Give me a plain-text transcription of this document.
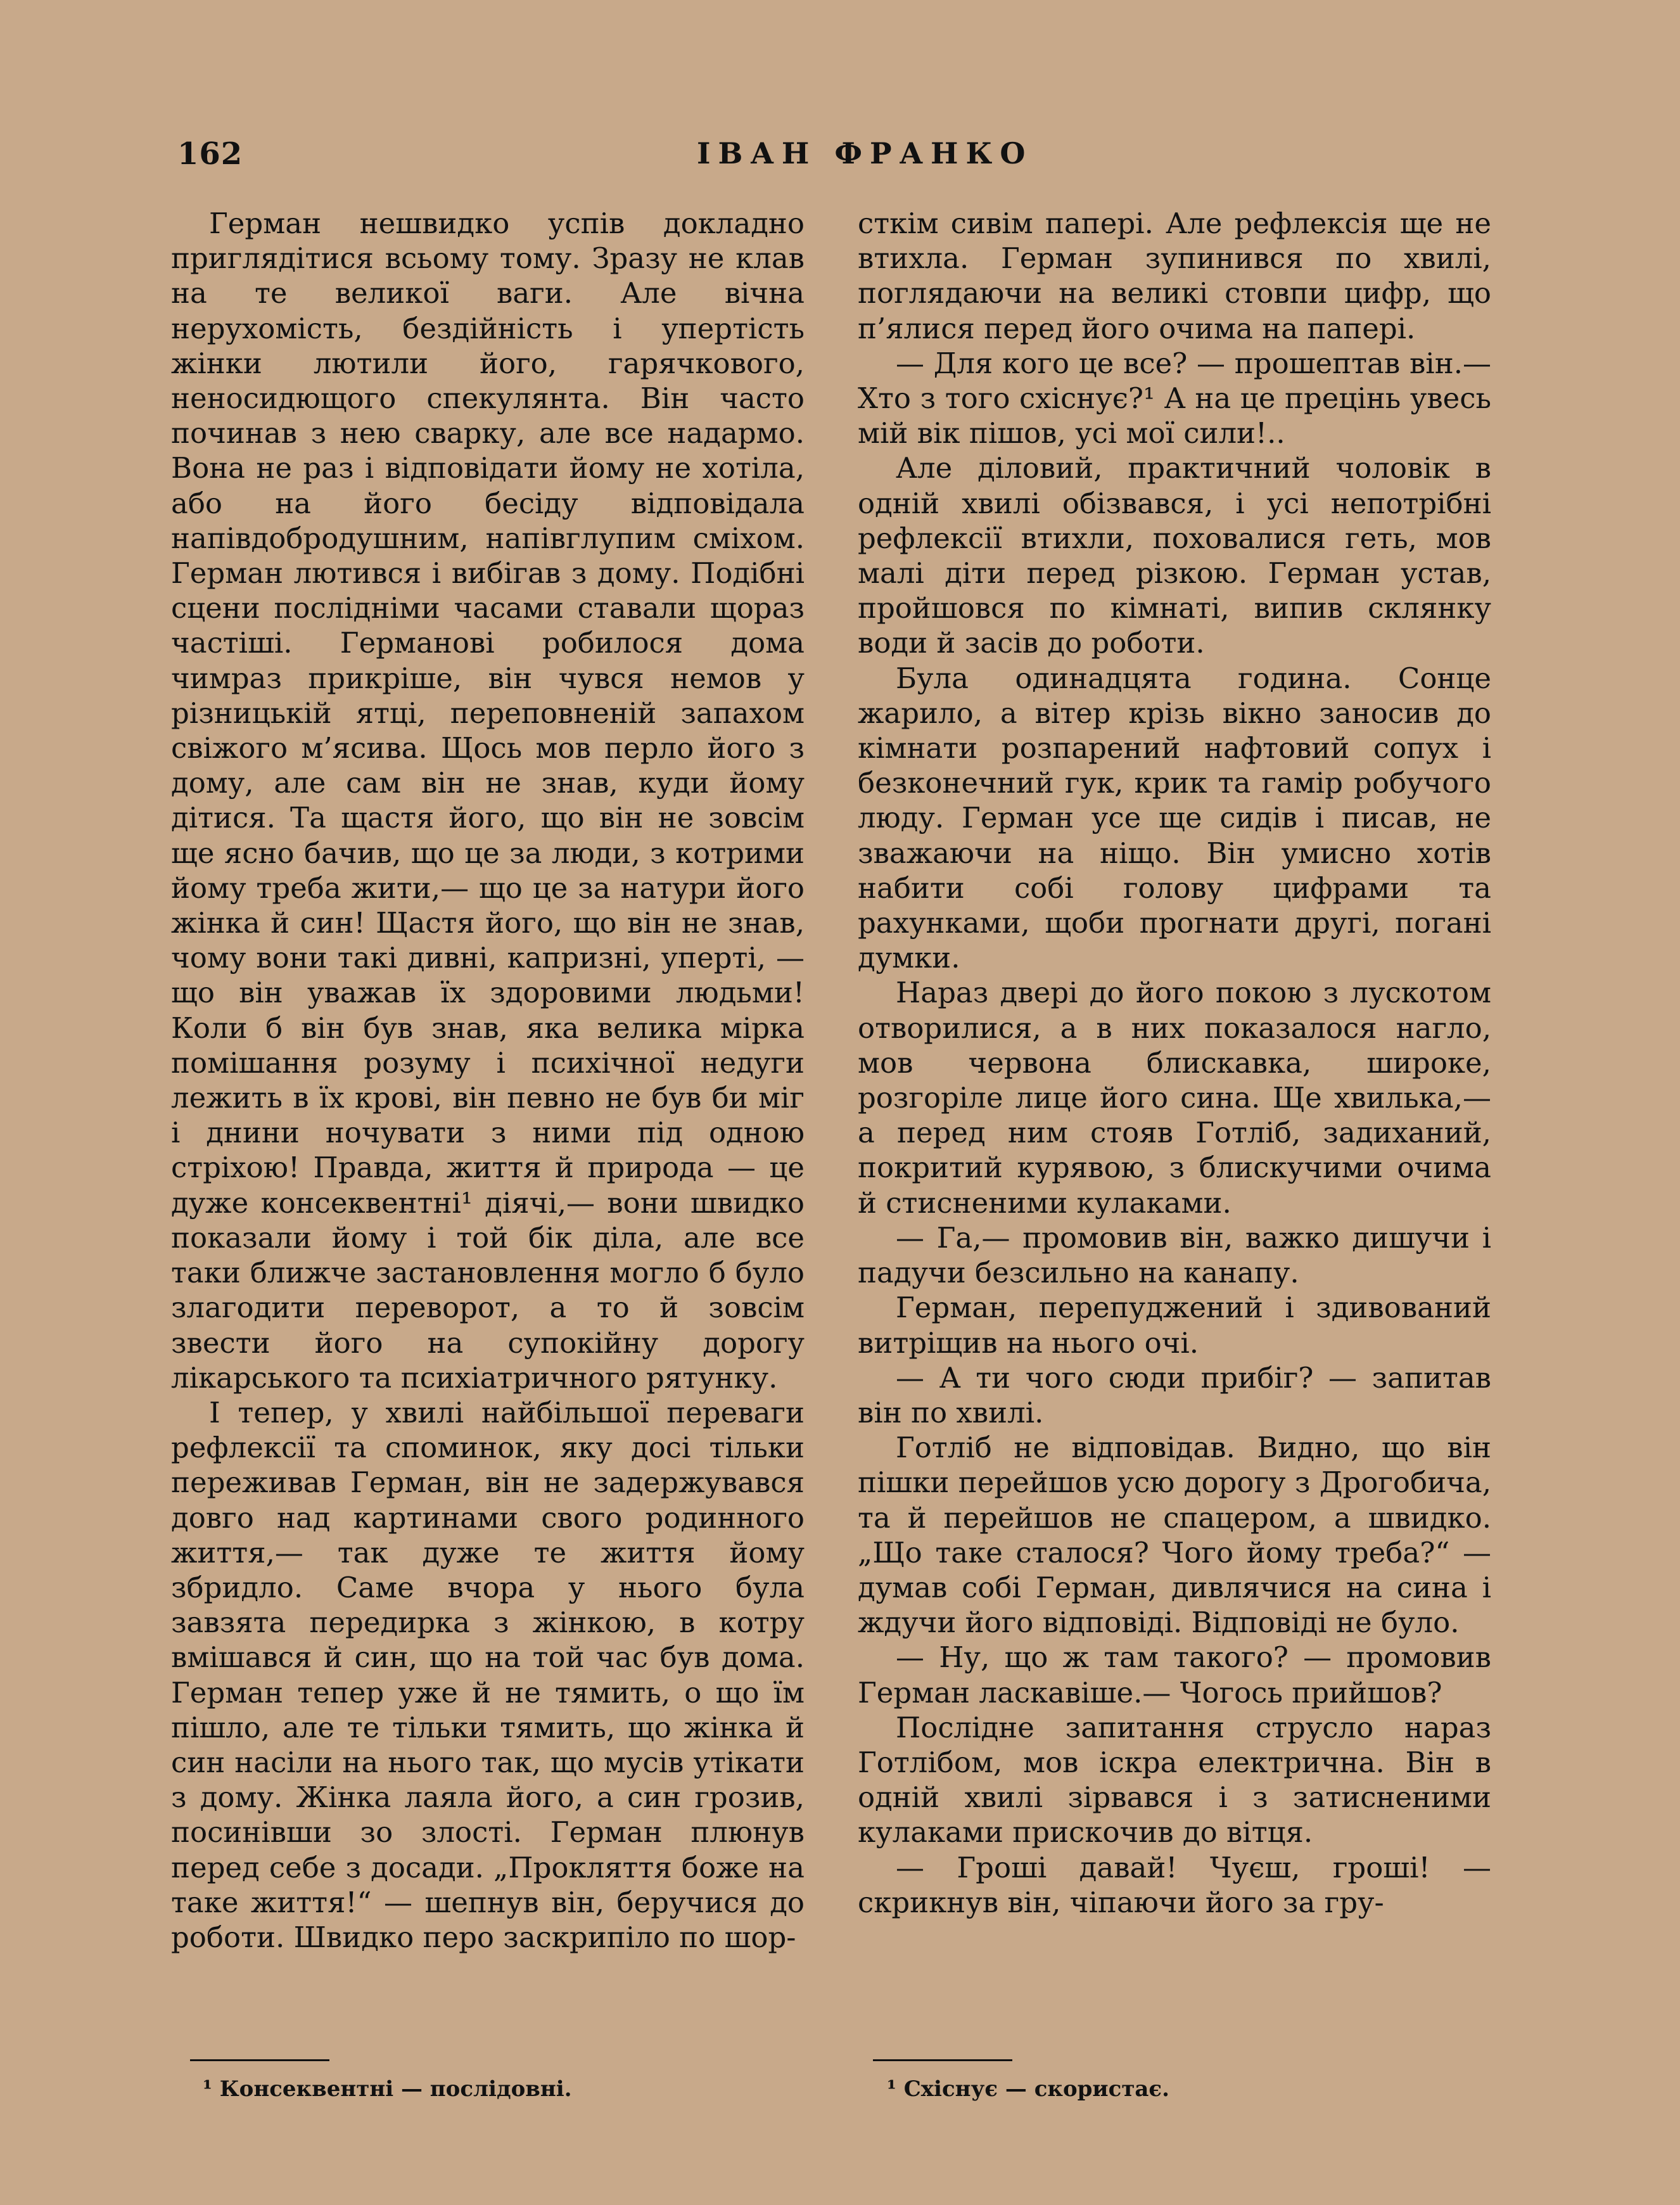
162	ІВАН ФРАНКО

Герман нешвидко успів докладно приглядітися всьому тому. Зразу не клав на те великої ваги. Але вічна нерухомість, бездійність і упертість жінки лютили його, гарячкового, неносидющого спекулянта. Він часто починав з нею сварку, але все надармо. Вона не раз і відповідати йому не хотіла, або на його бесіду відповідала напівдобродушним, напівглупим сміхом. Герман лютився і вибігав з дому. Подібні сцени послідніми часами ставали щораз частіші. Германові робилося дома чимраз прикріше, він чувся немов у різницькій ятці, переповненій запахом свіжого м’ясива. Щось мов перло його з дому, але сам він не знав, куди йому дітися. Та щастя його, що він не зовсім ще ясно бачив, що це за люди, з котрими йому треба жити,— що це за натури його жінка й син! Щастя його, що він не знав, чому вони такі дивні, капризні, уперті, — що він уважав їх здоровими людьми! Коли б він був знав, яка велика мірка помішання розуму і психічної недуги лежить в їх крові, він певно не був би міг і днини ночувати з ними під одною стріхою! Правда, життя й природа — це дуже консеквентні¹ діячі,— вони швидко показали йому і той бік діла, але все таки ближче застановлення могло б було злагодити переворот, а то й зовсім звести його на супокійну дорогу лікарського та психіатричного рятунку.

І тепер, у хвилі найбільшої переваги рефлексії та споминок, яку досі тільки переживав Герман, він не задержувався довго над картинами свого родинного життя,— так дуже те життя йому збридло. Саме вчора у нього була завзята передирка з жінкою, в котру вмішався й син, що на той час був дома. Герман тепер уже й не тямить, о що їм пішло, але те тільки тямить, що жінка й син насіли на нього так, що мусів утікати з дому. Жінка лаяла його, а син грозив, посинівши зо злості. Герман плюнув перед себе з досади. „Прокляття боже на таке життя!“ — шепнув він, беручися до роботи. Швидко перо заскрипіло по шор-

сткім сивім папері. Але рефлексія ще не втихла. Герман зупинився по хвилі, поглядаючи на великі стовпи цифр, що п’ялися перед його очима на папері.

— Для кого це все? — прошептав він.— Хто з того схіснує?¹ А на це прецінь увесь мій вік пішов, усі мої сили!..

Але діловий, практичний чоловік в одній хвилі обізвався, і усі непотрібні рефлексії втихли, поховалися геть, мов малі діти перед різкою. Герман устав, пройшовся по кімнаті, випив склянку води й засів до роботи.

Була одинадцята година. Сонце жарило, а вітер крізь вікно заносив до кімнати розпарений нафтовий сопух і безконечний гук, крик та гамір робучого люду. Герман усе ще сидів і писав, не зважаючи на ніщо. Він умисно хотів набити собі голову цифрами та рахунками, щоби прогнати другі, погані думки.

Нараз двері до його покою з лускотом отворилися, а в них показалося нагло, мов червона блискавка, широке, розгоріле лице його сина. Ще хвилька,— а перед ним стояв Готліб, задиханий, покритий курявою, з блискучими очима й стисненими кулаками.

— Га,— промовив він, важко дишучи і падучи безсильно на канапу.

Герман, перепуджений і здивований витріщив на нього очі.

— А ти чого сюди прибіг? — запитав він по хвилі.

Готліб не відповідав. Видно, що він пішки перейшов усю дорогу з Дрогобича, та й перейшов не спацером, а швидко. „Що таке сталося? Чого йому треба?“ — думав собі Герман, дивлячися на сина і ждучи його відповіді. Відповіді не було.

— Ну, що ж там такого? — промовив Герман ласкавіше.— Чогось прийшов?

Послідне запитання струсло нараз Готлібом, мов іскра електрична. Він в одній хвилі зірвався і з затисненими кулаками прискочив до вітця.

— Гроші давай! Чуєш, гроші! — скрикнув він, чіпаючи його за гру-

¹ Консеквентні — послідовні.	¹ Схіснує — скористає.
